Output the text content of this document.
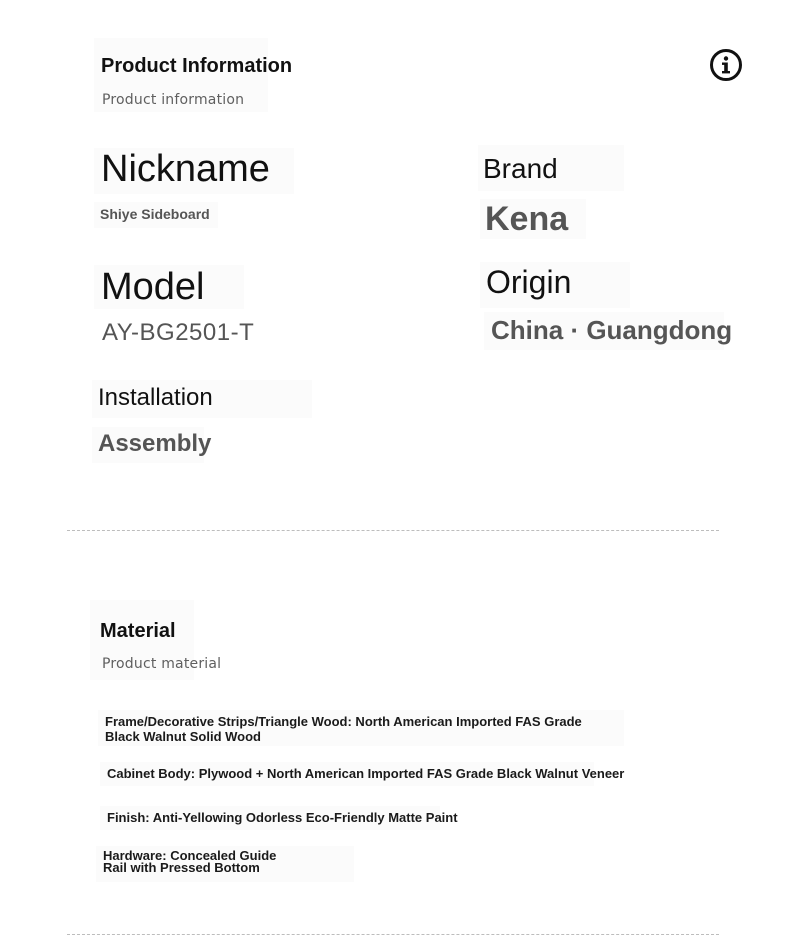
Product Information
Product information
Nickname
Shiye Sideboard
Brand
Kena
Model
AY-BG2501-T
Origin
China · Guangdong
Installation
Assembly
Material
Product material
Frame/Decorative Strips/Triangle Wood: North American Imported FAS Grade Black Walnut Solid Wood
Cabinet Body: Plywood + North American Imported FAS Grade Black Walnut Veneer
Finish: Anti-Yellowing Odorless Eco-Friendly Matte Paint
Hardware: Concealed Guide Rail with Pressed Bottom
